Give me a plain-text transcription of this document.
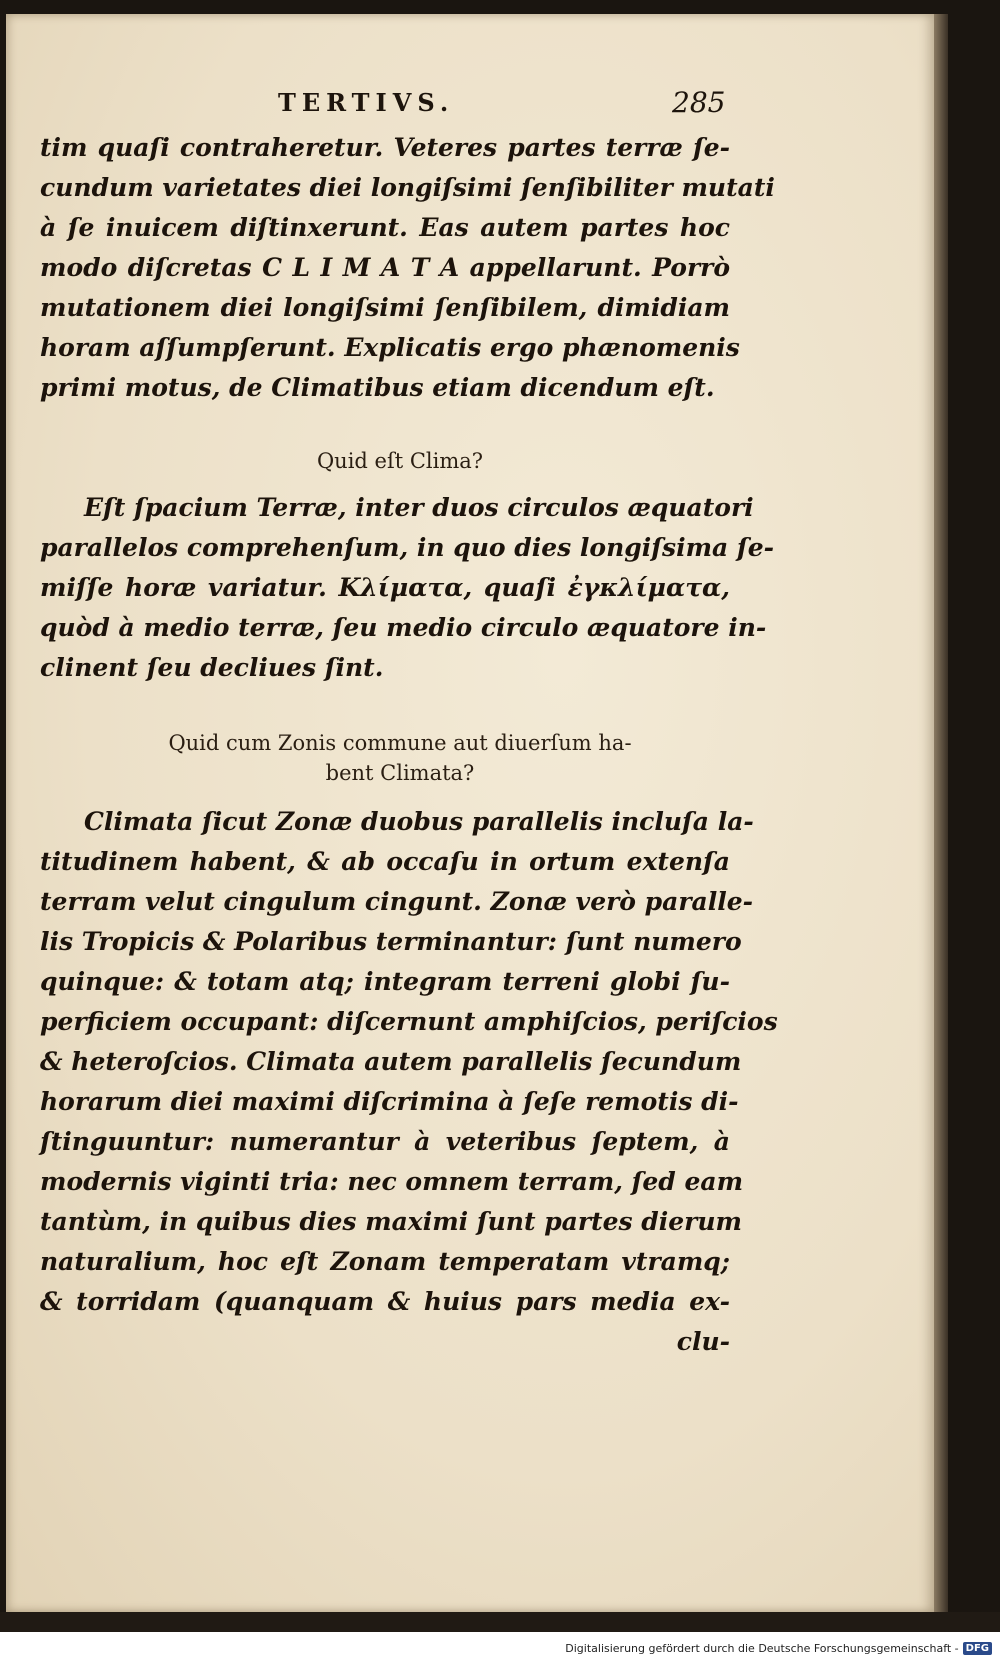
TERTIVS.	285
tim quaſi contraheretur. Veteres partes terræ ſe-
cundum varietates diei longiſsimi ſenſibiliter mutati
à ſe inuicem diſtinxerunt. Eas autem partes hoc
modo diſcretas C L I M A T A appellarunt. Porrò
mutationem diei longiſsimi ſenſibilem, dimidiam
horam aſſumpſerunt. Explicatis ergo phænomenis
primi motus, de Climatibus etiam dicendum eſt.
Quid eſt Clima?
Eſt ſpacium Terræ, inter duos circulos æquatori
parallelos comprehenſum, in quo dies longiſsima ſe-
miſſe horæ variatur. Κλίματα, quaſi ἐγκλίματα,
quòd à medio terræ, ſeu medio circulo æquatore in-
clinent ſeu decliues ſint.
Quid cum Zonis commune aut diuerſum ha-
bent Climata?
Climata ſicut Zonæ duobus parallelis incluſa la-
titudinem habent, & ab occaſu in ortum extenſa
terram velut cingulum cingunt. Zonæ verò paralle-
lis Tropicis & Polaribus terminantur: ſunt numero
quinque: & totam atq; integram terreni globi ſu-
perficiem occupant: diſcernunt amphiſcios, periſcios
& heteroſcios. Climata autem parallelis ſecundum
horarum diei maximi diſcrimina à ſeſe remotis di-
ſtinguuntur: numerantur à veteribus ſeptem, à
modernis viginti tria: nec omnem terram, ſed eam
tantùm, in quibus dies maximi ſunt partes dierum
naturalium, hoc eſt Zonam temperatam vtramq;
& torridam (quanquam & huius pars media ex-
clu-
Digitalisierung gefördert durch die Deutsche Forschungsgemeinschaft - DFG
